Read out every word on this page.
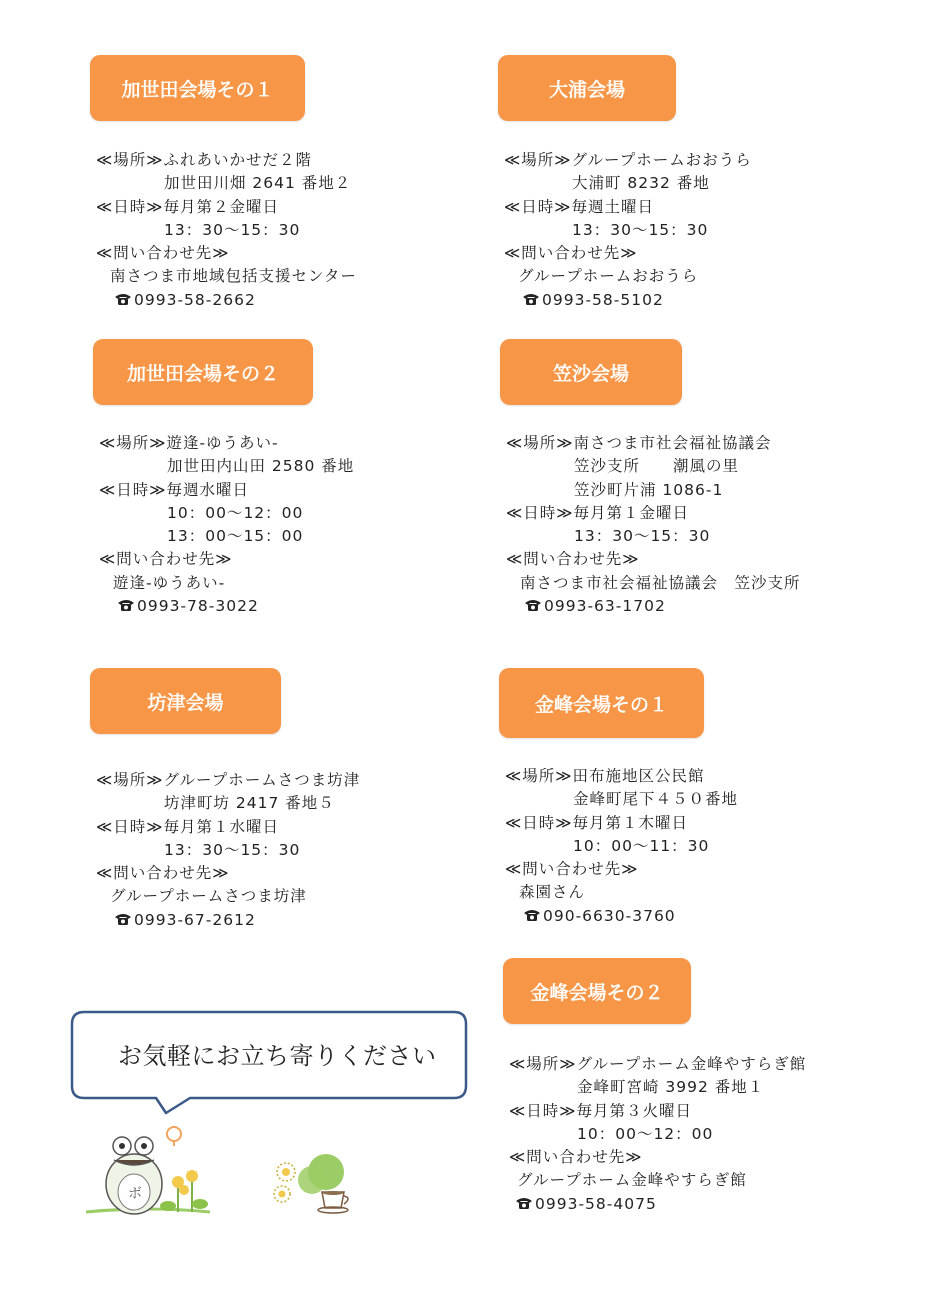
加世田会場その１
≪場所≫ふれあいかせだ２階
加世田川畑 2641 番地２
≪日時≫毎月第２金曜日
13：30～15：30
≪問い合わせ先≫
南さつま市地域包括支援センター
0993-58-2662
大浦会場
≪場所≫グループホームおおうら
大浦町 8232 番地
≪日時≫毎週土曜日
13：30～15：30
≪問い合わせ先≫
グループホームおおうら
0993-58-5102
加世田会場その２
≪場所≫遊逢-ゆうあい-
加世田内山田 2580 番地
≪日時≫毎週水曜日
10：00～12：00
13：00～15：00
≪問い合わせ先≫
遊逢-ゆうあい-
0993-78-3022
笠沙会場
≪場所≫南さつま市社会福祉協議会
笠沙支所　　潮風の里
笠沙町片浦 1086-1
≪日時≫毎月第１金曜日
13：30～15：30
≪問い合わせ先≫
南さつま市社会福祉協議会　笠沙支所
0993-63-1702
坊津会場
≪場所≫グループホームさつま坊津
坊津町坊 2417 番地５
≪日時≫毎月第１水曜日
13：30～15：30
≪問い合わせ先≫
グループホームさつま坊津
0993-67-2612
金峰会場その１
≪場所≫田布施地区公民館
金峰町尾下４５０番地
≪日時≫毎月第１木曜日
10：00～11：30
≪問い合わせ先≫
森園さん
090-6630-3760
金峰会場その２
≪場所≫グループホーム金峰やすらぎ館
金峰町宮崎 3992 番地１
≪日時≫毎月第３火曜日
10：00～12：00
≪問い合わせ先≫
グループホーム金峰やすらぎ館
0993-58-4075
お気軽にお立ち寄りください
ボ
